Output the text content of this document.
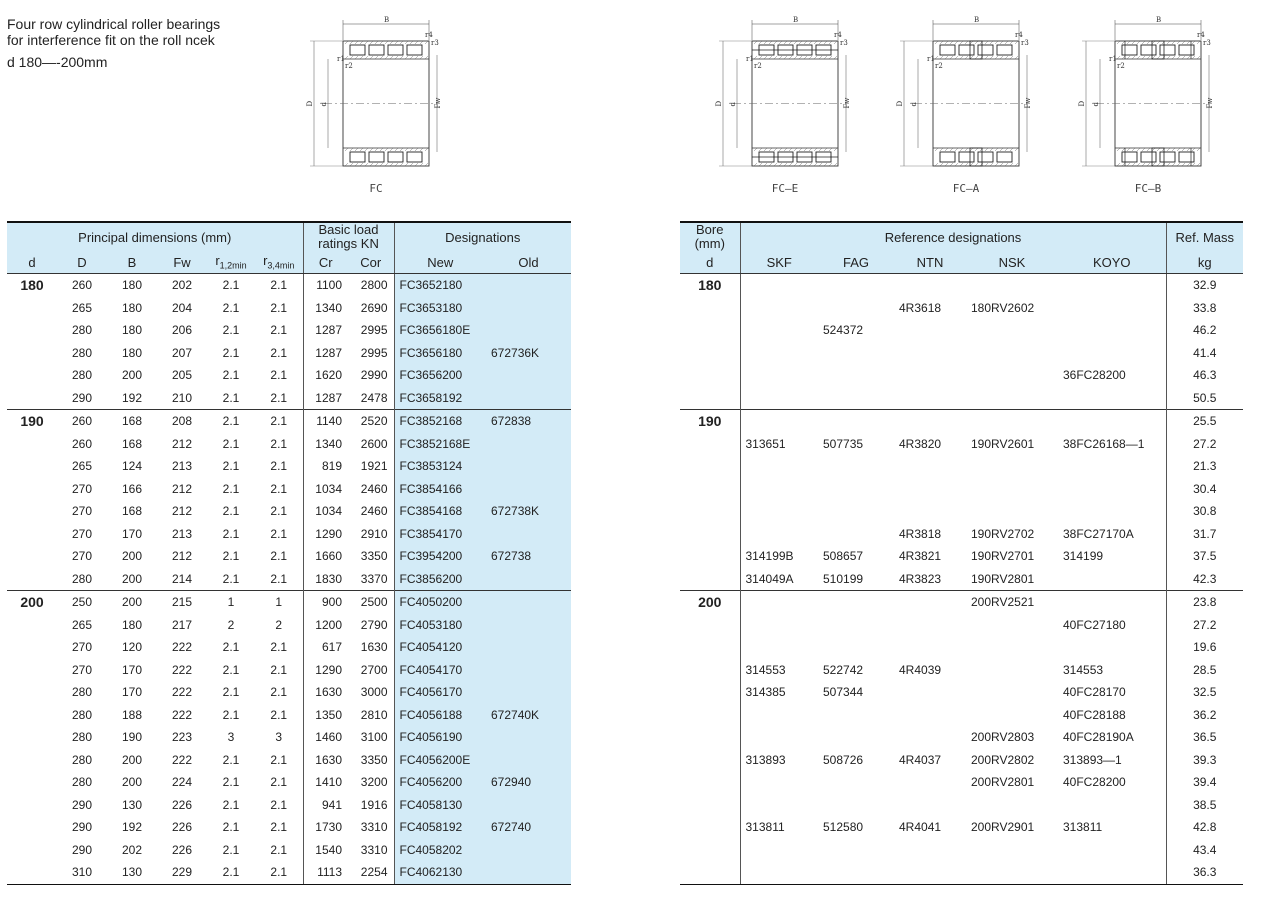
Four row cylindrical roller bearings
for interference fit on the roll ncek
d 180—-200mm
B
r4
r3
r1
r2
D d	Fw
FC
B
r4
r3
r1
r2
D d	Fw
FC—E
B
r4
r3
r1
r2
D d	Fw
FC—A
B
r4
r3
r1
r2
D d	Fw
FC—B
Principal dimensions (mm)						Basic load ratings KN		Designations	
d	D	B	Fw	$r_{1,2min}$	$r_{3,4min}$	Cr	Cor	New	Old
180	260	180	202	2.1	2.1	1100	2800	FC3652180	
	265	180	204	2.1	2.1	1340	2690	FC3653180	
	280	180	206	2.1	2.1	1287	2995	FC3656180E	
	280	180	207	2.1	2.1	1287	2995	FC3656180	672736K
	280	200	205	2.1	2.1	1620	2990	FC3656200	
	290	192	210	2.1	2.1	1287	2478	FC3658192	
190	260	168	208	2.1	2.1	1140	2520	FC3852168	672838
	260	168	212	2.1	2.1	1340	2600	FC3852168E	
	265	124	213	2.1	2.1	819	1921	FC3853124	
	270	166	212	2.1	2.1	1034	2460	FC3854166	
	270	168	212	2.1	2.1	1034	2460	FC3854168	672738K
	270	170	213	2.1	2.1	1290	2910	FC3854170	
	270	200	212	2.1	2.1	1660	3350	FC3954200	672738
	280	200	214	2.1	2.1	1830	3370	FC3856200	
200	250	200	215	1	1	900	2500	FC4050200	
	265	180	217	2	2	1200	2790	FC4053180	
	270	120	222	2.1	2.1	617	1630	FC4054120	
	270	170	222	2.1	2.1	1290	2700	FC4054170	
	280	170	222	2.1	2.1	1630	3000	FC4056170	
	280	188	222	2.1	2.1	1350	2810	FC4056188	672740K
	280	190	223	3	3	1460	3100	FC4056190	
	280	200	222	2.1	2.1	1630	3350	FC4056200E	
	280	200	224	2.1	2.1	1410	3200	FC4056200	672940
	290	130	226	2.1	2.1	941	1916	FC4058130	
	290	192	226	2.1	2.1	1730	3310	FC4058192	672740
	290	202	226	2.1	2.1	1540	3310	FC4058202	
	310	130	229	2.1	2.1	1113	2254	FC4062130	
Bore (mm)	Reference designations					Ref. Mass
d	SKF	FAG	NTN	NSK	KOYO	kg
180						32.9
			4R3618	180RV2602		33.8
		524372				46.2
						41.4
					36FC28200	46.3
						50.5
190						25.5
	313651	507735	4R3820	190RV2601	38FC26168—1	27.2
						21.3
						30.4
						30.8
			4R3818	190RV2702	38FC27170A	31.7
	314199B	508657	4R3821	190RV2701	314199	37.5
	314049A	510199	4R3823	190RV2801		42.3
200				200RV2521		23.8
					40FC27180	27.2
						19.6
	314553	522742	4R4039		314553	28.5
	314385	507344			40FC28170	32.5
					40FC28188	36.2
				200RV2803	40FC28190A	36.5
	313893	508726	4R4037	200RV2802	313893—1	39.3
				200RV2801	40FC28200	39.4
						38.5
	313811	512580	4R4041	200RV2901	313811	42.8
						43.4
						36.3
